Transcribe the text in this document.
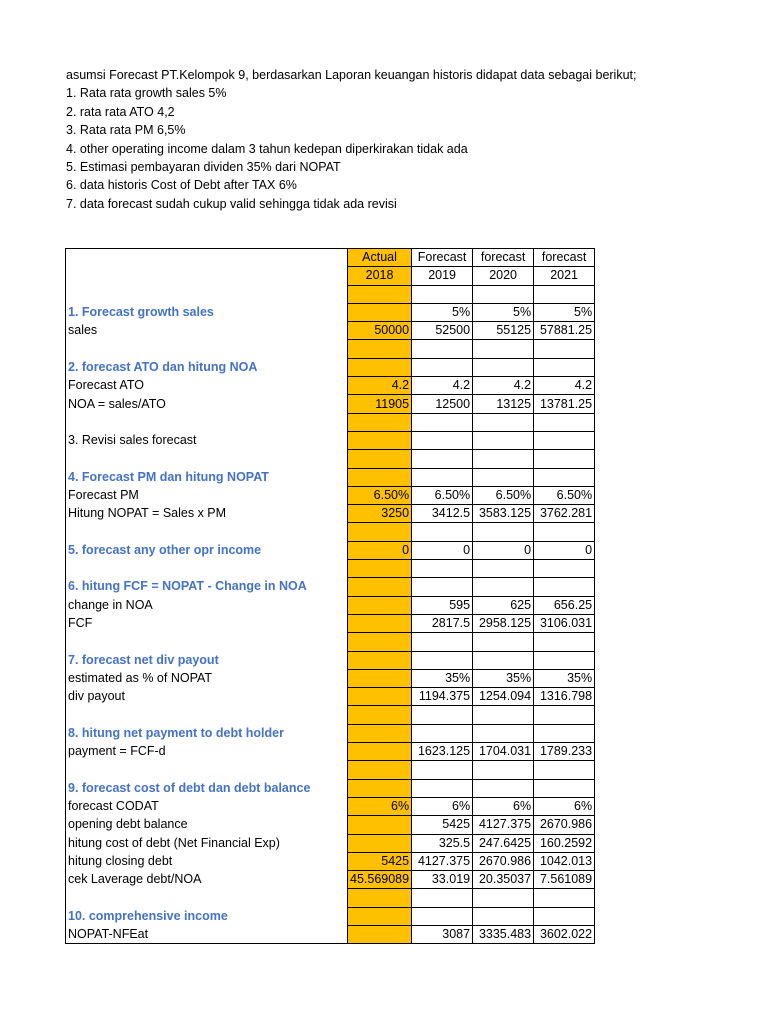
asumsi Forecast PT.Kelompok 9, berdasarkan Laporan keuangan historis didapat data sebagai berikut;
1. Rata rata growth sales 5%
2. rata rata ATO 4,2
3. Rata rata PM 6,5%
4. other operating income dalam 3 tahun kedepan diperkirakan tidak ada
5. Estimasi pembayaran dividen 35% dari NOPAT
6. data historis Cost of Debt after TAX 6%
7. data forecast sudah cukup valid sehingga tidak ada revisi
	Actual	Forecast	forecast	forecast
	2018	2019	2020	2021

1. Forecast growth sales		5%	5%	5%
sales	50000	52500	55125	57881.25

2. forecast ATO dan hitung NOA				
Forecast ATO	4.2	4.2	4.2	4.2
NOA = sales/ATO	11905	12500	13125	13781.25

3. Revisi sales forecast				

4. Forecast PM dan hitung NOPAT				
Forecast PM	6.50%	6.50%	6.50%	6.50%
Hitung NOPAT = Sales x PM	3250	3412.5	3583.125	3762.281

5. forecast any other opr income	0	0	0	0

6. hitung FCF = NOPAT - Change in NOA				
change in NOA		595	625	656.25
FCF		2817.5	2958.125	3106.031

7. forecast net div payout				
estimated as % of NOPAT		35%	35%	35%
div payout		1194.375	1254.094	1316.798

8. hitung net payment to debt holder				
payment = FCF-d		1623.125	1704.031	1789.233

9. forecast cost of debt dan debt balance				
forecast CODAT	6%	6%	6%	6%
opening debt balance		5425	4127.375	2670.986
hitung cost of debt (Net Financial Exp)		325.5	247.6425	160.2592
hitung closing debt	5425	4127.375	2670.986	1042.013
cek Laverage debt/NOA	45.569089	33.019	20.35037	7.561089

10. comprehensive income				
NOPAT-NFEat		3087	3335.483	3602.022
